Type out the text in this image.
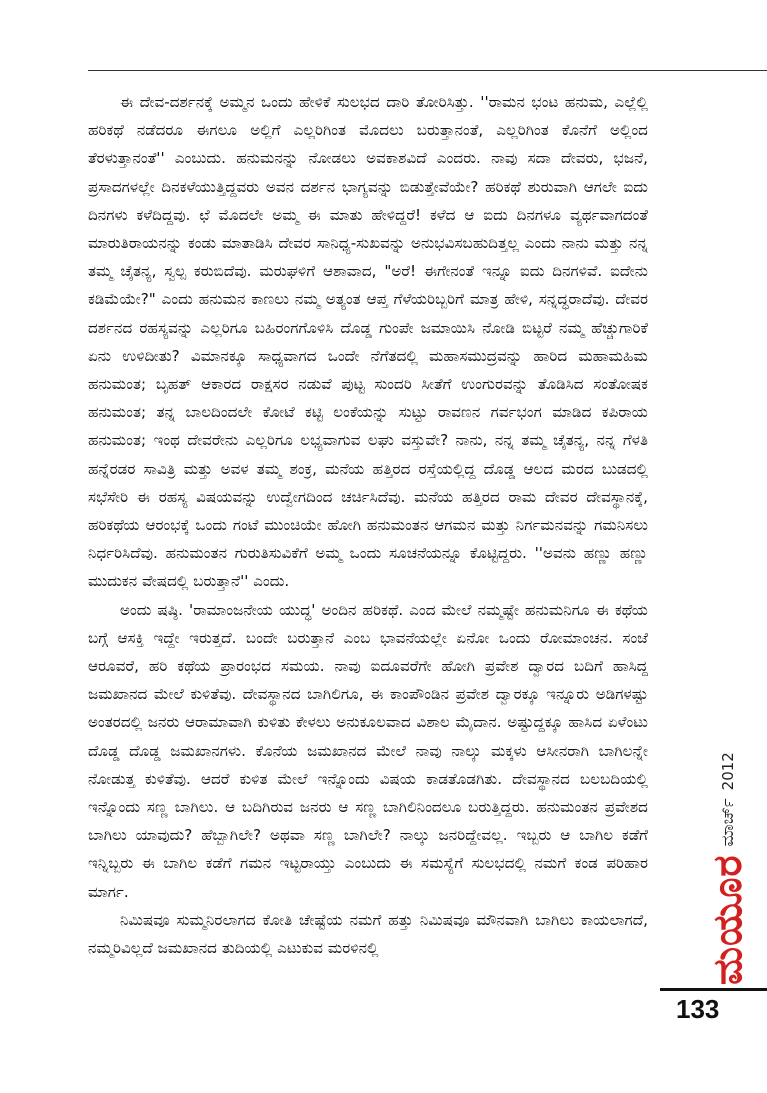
ಈ ದೇವ-ದರ್ಶನಕ್ಕೆ ಅಮ್ಮನ ಒಂದು ಹೇಳಿಕೆ ಸುಲಭದ ದಾರಿ ತೋರಿಸಿತ್ತು. ''ರಾಮನ ಭಂಟ ಹನುಮ, ಎಲ್ಲೆಲ್ಲಿ ಹರಿಕಥೆ ನಡೆದರೂ ಈಗಲೂ ಅಲ್ಲಿಗೆ ಎಲ್ಲರಿಗಿಂತ ಮೊದಲು ಬರುತ್ತಾನಂತೆ, ಎಲ್ಲರಿಗಿಂತ ಕೊನೆಗೆ ಅಲ್ಲಿಂದ ತೆರಳುತ್ತಾನಂತೆ'' ಎಂಬುದು. ಹನುಮನನ್ನು ನೋಡಲು ಅವಕಾಶವಿದೆ ಎಂದರು. ನಾವು ಸದಾ ದೇವರು, ಭಜನೆ, ಪ್ರಸಾದಗಳಲ್ಲೇ ದಿನಕಳೆಯುತ್ತಿದ್ದವರು ಅವನ ದರ್ಶನ ಭಾಗ್ಯವನ್ನು ಬಿಡುತ್ತೇವೆಯೇ? ಹರಿಕಥೆ ಶುರುವಾಗಿ ಆಗಲೇ ಐದು ದಿನಗಳು ಕಳೆದಿದ್ದವು. ಛೆ ಮೊದಲೇ ಅಮ್ಮ ಈ ಮಾತು ಹೇಳಿದ್ದರೆ! ಕಳೆದ ಆ ಐದು ದಿನಗಳೂ ವ್ಯರ್ಥವಾಗದಂತೆ ಮಾರುತಿರಾಯನನ್ನು ಕಂಡು ಮಾತಾಡಿಸಿ ದೇವರ ಸಾನಿಧ್ಯ-ಸುಖವನ್ನು ಅನುಭವಿಸಬಹುದಿತ್ತಲ್ಲ ಎಂದು ನಾನು ಮತ್ತು ನನ್ನ ತಮ್ಮ ಚೈತನ್ಯ, ಸ್ವಲ್ಪ ಕರುಬಿದೆವು. ಮರುಘಳಿಗೆ ಆಶಾವಾದ, "ಅರೆ! ಈಗೇನಂತೆ ಇನ್ನೂ ಐದು ದಿನಗಳಿವೆ. ಐದೇನು ಕಡಿಮೆಯೇ?" ಎಂದು ಹನುಮನ ಕಾಣಲು ನಮ್ಮ ಅತ್ಯಂತ ಆಪ್ತ ಗೆಳೆಯರಿಬ್ಬರಿಗೆ ಮಾತ್ರ ಹೇಳಿ, ಸನ್ನದ್ಧರಾದೆವು. ದೇವರ ದರ್ಶನದ ರಹಸ್ಯವನ್ನು ಎಲ್ಲರಿಗೂ ಬಹಿರಂಗಗೊಳಿಸಿ ದೊಡ್ಡ ಗುಂಪೇ ಜಮಾಯಿಸಿ ನೋಡಿ ಬಿಟ್ಟರೆ ನಮ್ಮ ಹೆಚ್ಚುಗಾರಿಕೆ ಏನು ಉಳಿದೀತು? ವಿಮಾನಕ್ಕೂ ಸಾಧ್ಯವಾಗದ ಒಂದೇ ನೆಗೆತದಲ್ಲಿ ಮಹಾಸಮುದ್ರವನ್ನು ಹಾರಿದ ಮಹಾಮಹಿಮ ಹನುಮಂತ; ಬೃಹತ್ ಆಕಾರದ ರಾಕ್ಷಸರ ನಡುವೆ ಪುಟ್ಟ ಸುಂದರಿ ಸೀತೆಗೆ ಉಂಗುರವನ್ನು ತೊಡಿಸಿದ ಸಂತೋಷಕ ಹನುಮಂತ; ತನ್ನ ಬಾಲದಿಂದಲೇ ಕೋಟೆ ಕಟ್ಟಿ ಲಂಕೆಯನ್ನು ಸುಟ್ಟು ರಾವಣನ ಗರ್ವಭಂಗ ಮಾಡಿದ ಕಪಿರಾಯ ಹನುಮಂತ; ಇಂಥ ದೇವರೇನು ಎಲ್ಲರಿಗೂ ಲಭ್ಯವಾಗುವ ಲಘು ವಸ್ತುವೇ? ನಾನು, ನನ್ನ ತಮ್ಮ ಚೈತನ್ಯ, ನನ್ನ ಗೆಳತಿ ಹನ್ನೆರಡರ ಸಾವಿತ್ರಿ ಮತ್ತು ಅವಳ ತಮ್ಮ ಶಂಕ್ರ, ಮನೆಯ ಹತ್ತಿರದ ರಸ್ತೆಯಲ್ಲಿದ್ದ ದೊಡ್ಡ ಆಲದ ಮರದ ಬುಡದಲ್ಲಿ ಸಭೆಸೇರಿ ಈ ರಹಸ್ಯ ವಿಷಯವನ್ನು ಉದ್ವೇಗದಿಂದ ಚರ್ಚಿಸಿದೆವು. ಮನೆಯ ಹತ್ತಿರದ ರಾಮ ದೇವರ ದೇವಸ್ಥಾನಕ್ಕೆ, ಹರಿಕಥೆಯ ಆರಂಭಕ್ಕೆ ಒಂದು ಗಂಟೆ ಮುಂಚಿಯೇ ಹೋಗಿ ಹನುಮಂತನ ಆಗಮನ ಮತ್ತು ನಿರ್ಗಮನವನ್ನು ಗಮನಿಸಲು ನಿರ್ಧರಿಸಿದೆವು. ಹನುಮಂತನ ಗುರುತಿಸುವಿಕೆಗೆ ಅಮ್ಮ ಒಂದು ಸೂಚನೆಯನ್ನೂ ಕೊಟ್ಟಿದ್ದರು. ''ಅವನು ಹಣ್ಣು ಹಣ್ಣು ಮುದುಕನ ವೇಷದಲ್ಲಿ ಬರುತ್ತಾನೆ'' ಎಂದು.

ಅಂದು ಷಷ್ಠಿ. 'ರಾಮಾಂಜನೇಯ ಯುದ್ಧ' ಅಂದಿನ ಹರಿಕಥೆ. ಎಂದ ಮೇಲೆ ನಮ್ಮಷ್ಟೇ ಹನುಮನಿಗೂ ಈ ಕಥೆಯ ಬಗ್ಗೆ ಆಸಕ್ತಿ ಇದ್ದೇ ಇರುತ್ತದೆ. ಬಂದೇ ಬರುತ್ತಾನೆ ಎಂಬ ಭಾವನೆಯಲ್ಲೇ ಏನೋ ಒಂದು ರೋಮಾಂಚನ. ಸಂಜೆ ಆರೂವರೆ, ಹರಿ ಕಥೆಯ ಪ್ರಾರಂಭದ ಸಮಯ. ನಾವು ಐದೂವರೆಗೇ ಹೋಗಿ ಪ್ರವೇಶ ದ್ವಾರದ ಬದಿಗೆ ಹಾಸಿದ್ದ ಜಮಖಾನದ ಮೇಲೆ ಕುಳಿತೆವು. ದೇವಸ್ಥಾನದ ಬಾಗಿಲಿಗೂ, ಈ ಕಾಂಪೌಂಡಿನ ಪ್ರವೇಶ ದ್ವಾರಕ್ಕೂ ಇನ್ನೂರು ಅಡಿಗಳಷ್ಟು ಅಂತರದಲ್ಲಿ ಜನರು ಆರಾಮಾವಾಗಿ ಕುಳಿತು ಕೇಳಲು ಅನುಕೂಲವಾದ ವಿಶಾಲ ಮೈದಾನ. ಅಷ್ಟುದ್ದಕ್ಕೂ ಹಾಸಿದ ಏಳೆಂಟು ದೊಡ್ಡ ದೊಡ್ಡ ಜಮಖಾನಗಳು. ಕೊನೆಯ ಜಮಖಾನದ ಮೇಲೆ ನಾವು ನಾಲ್ಕು ಮಕ್ಕಳು ಆಸೀನರಾಗಿ ಬಾಗಿಲನ್ನೇ ನೋಡುತ್ತ ಕುಳಿತೆವು. ಆದರೆ ಕುಳಿತ ಮೇಲೆ ಇನ್ನೊಂದು ವಿಷಯ ಕಾಡತೊಡಗಿತು. ದೇವಸ್ಥಾನದ ಬಲಬದಿಯಲ್ಲಿ ಇನ್ನೊಂದು ಸಣ್ಣ ಬಾಗಿಲು. ಆ ಬದಿಗಿರುವ ಜನರು ಆ ಸಣ್ಣ ಬಾಗಿಲಿನಿಂದಲೂ ಬರುತ್ತಿದ್ದರು. ಹನುಮಂತನ ಪ್ರವೇಶದ ಬಾಗಿಲು ಯಾವುದು? ಹೆಬ್ಬಾಗಿಲೇ? ಅಥವಾ ಸಣ್ಣ ಬಾಗಿಲೇ? ನಾಲ್ಕು ಜನರಿದ್ದೇವಲ್ಲ. ಇಬ್ಬರು ಆ ಬಾಗಿಲ ಕಡೆಗೆ ಇನ್ನಿಬ್ಬರು ಈ ಬಾಗಿಲ ಕಡೆಗೆ ಗಮನ ಇಟ್ಟರಾಯ್ತು ಎಂಬುದು ಈ ಸಮಸ್ಯೆಗೆ ಸುಲಭದಲ್ಲಿ ನಮಗೆ ಕಂಡ ಪರಿಹಾರ ಮಾರ್ಗ.

ನಿಮಿಷವೂ ಸುಮ್ಮನಿರಲಾಗದ ಕೋತಿ ಚೇಷ್ಟೆಯ ನಮಗೆ ಹತ್ತು ನಿಮಿಷವೂ ಮೌನವಾಗಿ ಬಾಗಿಲು ಕಾಯಲಾಗದೆ, ನಮ್ಮರಿವಿಲ್ಲದೆ ಜಮಖಾನದ ತುದಿಯಲ್ಲಿ ಎಟುಕುವ ಮರಳಿನಲ್ಲಿ	ಮಯೂರ
ಮಾರ್ಚ್
2012
133
